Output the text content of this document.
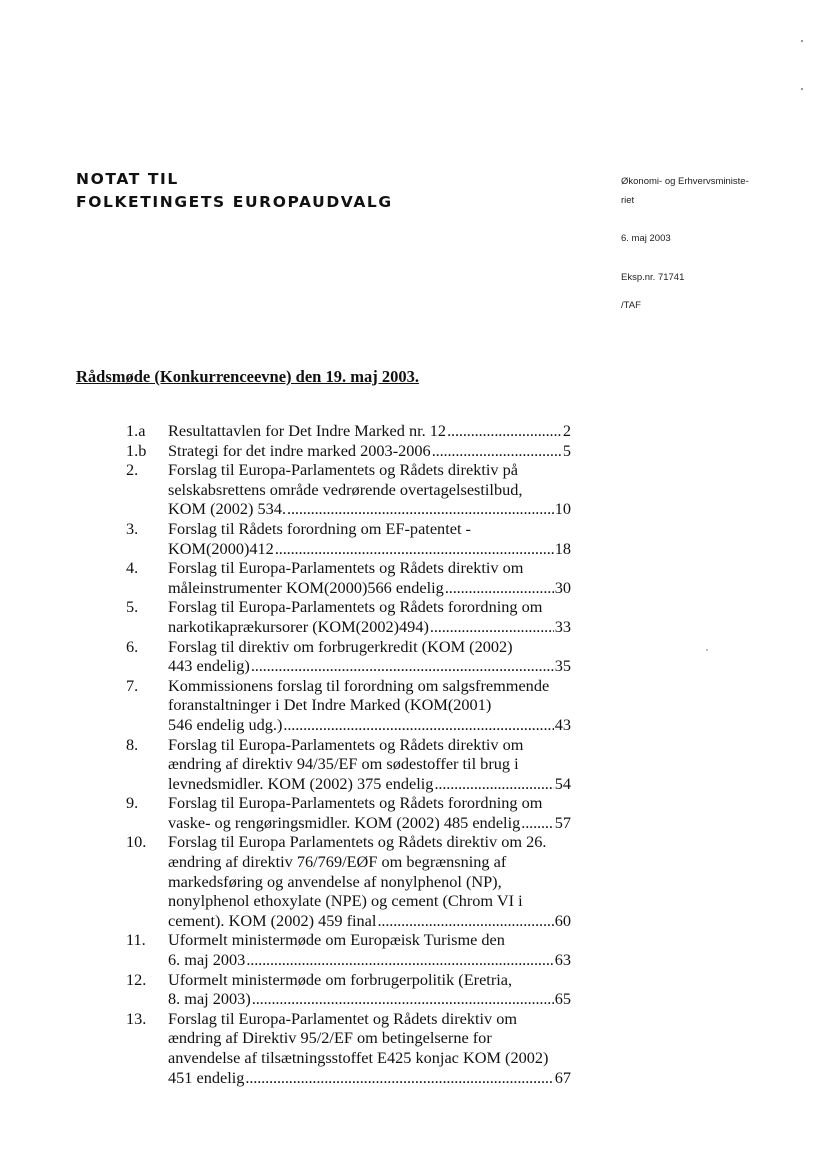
NOTAT TIL
FOLKETINGETS EUROPAUDVALG
Økonomi- og Erhvervsministe-
riet
6. maj 2003
Eksp.nr. 71741
/TAF
Rådsmøde (Konkurrenceevne) den 19. maj 2003.
1.a Resultattavlen for Det Indre Marked nr. 12 . . .	2
1.b Strategi for det indre marked 2003-2006 . . .	5
2. Forslag til Europa-Parlamentets og Rådets direktiv på
selskabsrettens område vedrørende overtagelsestilbud,
KOM (2002) 534. . . .	10
3. Forslag til Rådets forordning om EF-patentet -
KOM(2000)412 . . .	18
4. Forslag til Europa-Parlamentets og Rådets direktiv om
måleinstrumenter KOM(2000)566 endelig . . .	30
5. Forslag til Europa-Parlamentets og Rådets forordning om
narkotikaprækursorer (KOM(2002)494) . . .	33
6. Forslag til direktiv om forbrugerkredit (KOM (2002)
443 endelig) . . .	35
7. Kommissionens forslag til forordning om salgsfremmende
foranstaltninger i Det Indre Marked (KOM(2001)
546 endelig udg.) . . .	43
8. Forslag til Europa-Parlamentets og Rådets direktiv om
ændring af direktiv 94/35/EF om sødestoffer til brug i
levnedsmidler. KOM (2002) 375 endelig . . .	54
9. Forslag til Europa-Parlamentets og Rådets forordning om
vaske- og rengøringsmidler. KOM (2002) 485 endelig . . . 57
10. Forslag til Europa Parlamentets og Rådets direktiv om 26.
ændring af direktiv 76/769/EØF om begrænsning af
markedsføring og anvendelse af nonylphenol (NP),
nonylphenol ethoxylate (NPE) og cement (Chrom VI i
cement). KOM (2002) 459 final . . .	60
11. Uformelt ministermøde om Europæisk Turisme den
6. maj 2003 . . .	63
12. Uformelt ministermøde om forbrugerpolitik (Eretria,
8. maj 2003) . . .	65
13. Forslag til Europa-Parlamentet og Rådets direktiv om
ændring af Direktiv 95/2/EF om betingelserne for
anvendelse af tilsætningsstoffet E425 konjac KOM (2002)
451 endelig . . .	67
